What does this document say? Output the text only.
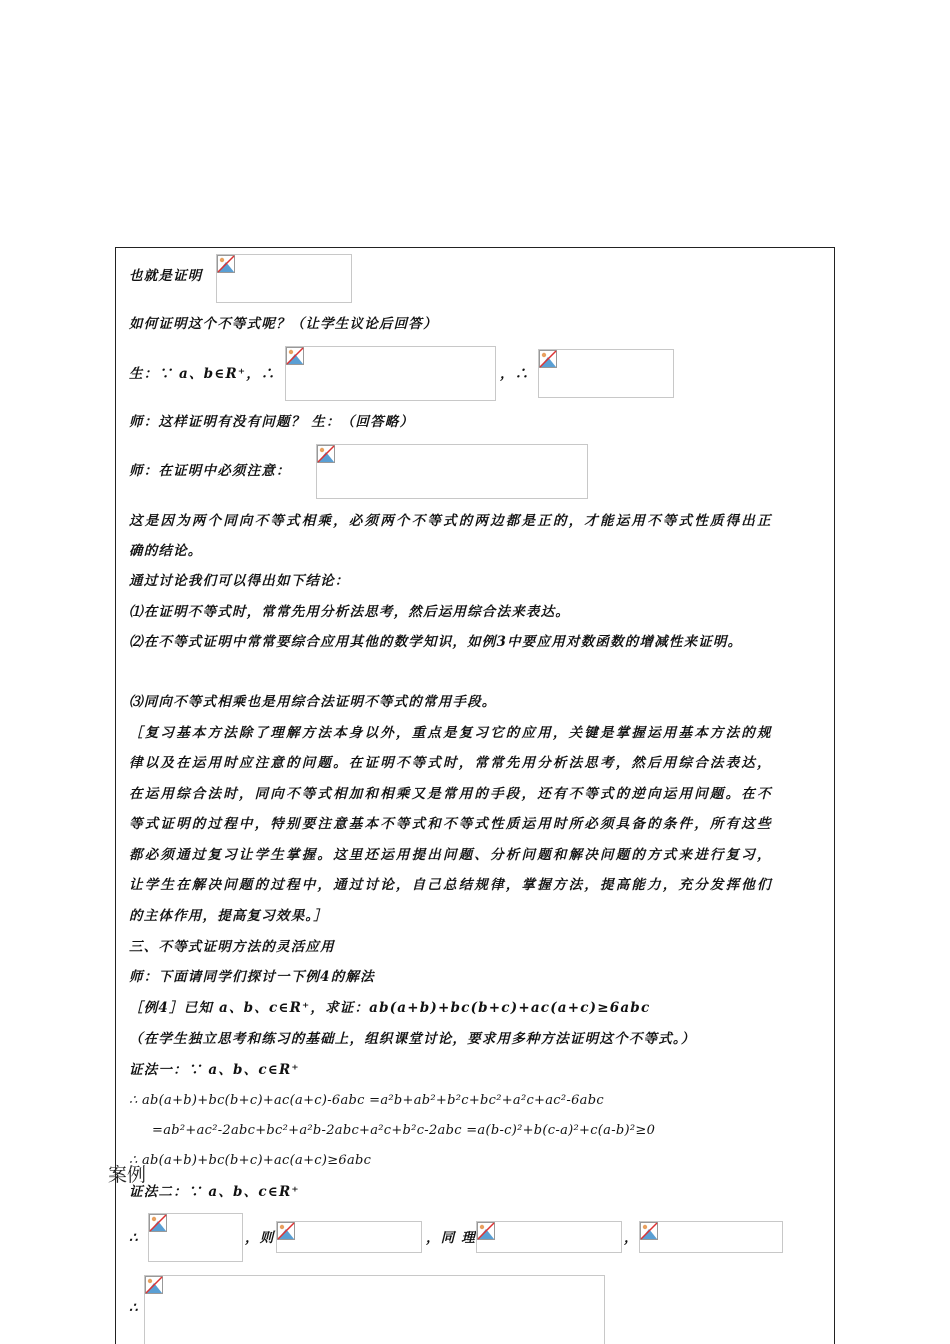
也就是证明
如何证明这个不等式呢？（让学生议论后回答）
生：∵ a、b∈R⁺，∴	，∴
师：这样证明有没有问题？ 生：（回答略）
师：在证明中必须注意：
这是因为两个同向不等式相乘，必须两个不等式的两边都是正的，才能运用不等式性质得出正
确的结论。
通过讨论我们可以得出如下结论：
⑴在证明不等式时，常常先用分析法思考，然后运用综合法来表达。
⑵在不等式证明中常常要综合应用其他的数学知识，如例3中要应用对数函数的增减性来证明。
⑶同向不等式相乘也是用综合法证明不等式的常用手段。
［复习基本方法除了理解方法本身以外，重点是复习它的应用，关键是掌握运用基本方法的规
律以及在运用时应注意的问题。在证明不等式时，常常先用分析法思考，然后用综合法表达，
在运用综合法时，同向不等式相加和相乘又是常用的手段，还有不等式的逆向运用问题。在不
等式证明的过程中，特别要注意基本不等式和不等式性质运用时所必须具备的条件，所有这些
都必须通过复习让学生掌握。这里还运用提出问题、分析问题和解决问题的方式来进行复习，
让学生在解决问题的过程中，通过讨论，自己总结规律，掌握方法，提高能力，充分发挥他们
的主体作用，提高复习效果。］
三、不等式证明方法的灵活应用
师：下面请同学们探讨一下例4的解法
［例4］已知 a、b、c∈R⁺，求证：ab(a+b)+bc(b+c)+ac(a+c)≥6abc
（在学生独立思考和练习的基础上，组织课堂讨论，要求用多种方法证明这个不等式。）
证法一：∵ a、b、c∈R⁺
∴ ab(a+b)+bc(b+c)+ac(a+c)-6abc =a²b+ab²+b²c+bc²+a²c+ac²-6abc
=ab²+ac²-2abc+bc²+a²b-2abc+a²c+b²c-2abc =a(b-c)²+b(c-a)²+c(a-b)²≥0
∴ ab(a+b)+bc(b+c)+ac(a+c)≥6abc
证法二：∵ a、b、c∈R⁺
∴	，则	，同 理	，
∴
案例
